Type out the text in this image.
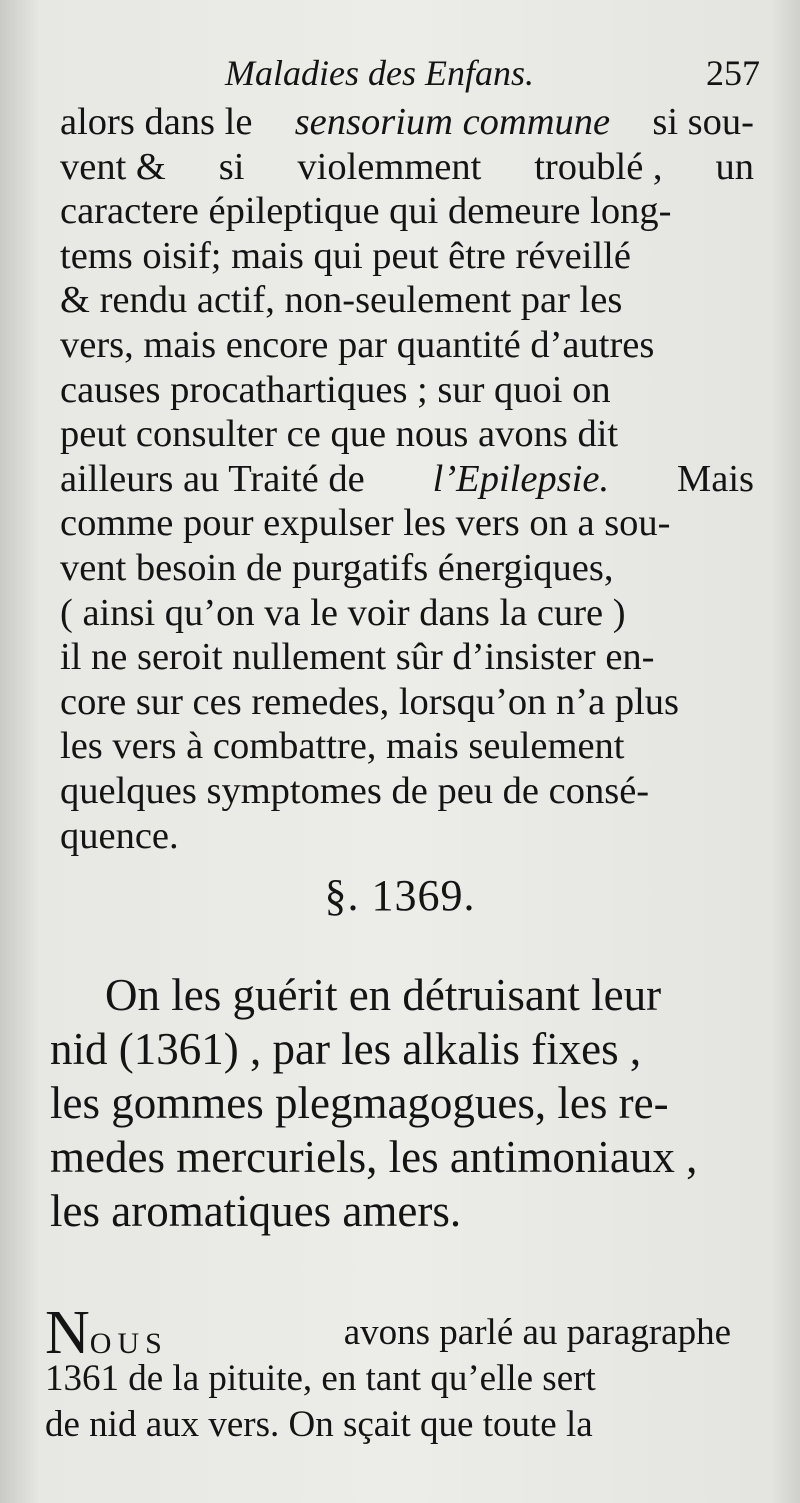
Maladies des Enfans.	257
alors dans le sensorium commune si sou-
vent & si violemment troublé , un
caractere épileptique qui demeure long-
tems oisif; mais qui peut être réveillé
& rendu actif, non-seulement par les
vers, mais encore par quantité d’autres
causes procathartiques ; sur quoi on
peut consulter ce que nous avons dit
ailleurs au Traité de l’Epilepsie. Mais
comme pour expulser les vers on a sou-
vent besoin de purgatifs énergiques,
( ainsi qu’on va le voir dans la cure )
il ne seroit nullement sûr d’insister en-
core sur ces remedes, lorsqu’on n’a plus
les vers à combattre, mais seulement
quelques symptomes de peu de consé-
quence.
§. 1369.
On les guérit en détruisant leur
nid (1361) , par les alkalis fixes ,
les gommes plegmagogues, les re-
medes mercuriels, les antimoniaux ,
les aromatiques amers.
NOUS	avons parlé au paragraphe
1361 de la pituite, en tant qu’elle sert
de nid aux vers. On sçait que toute la
